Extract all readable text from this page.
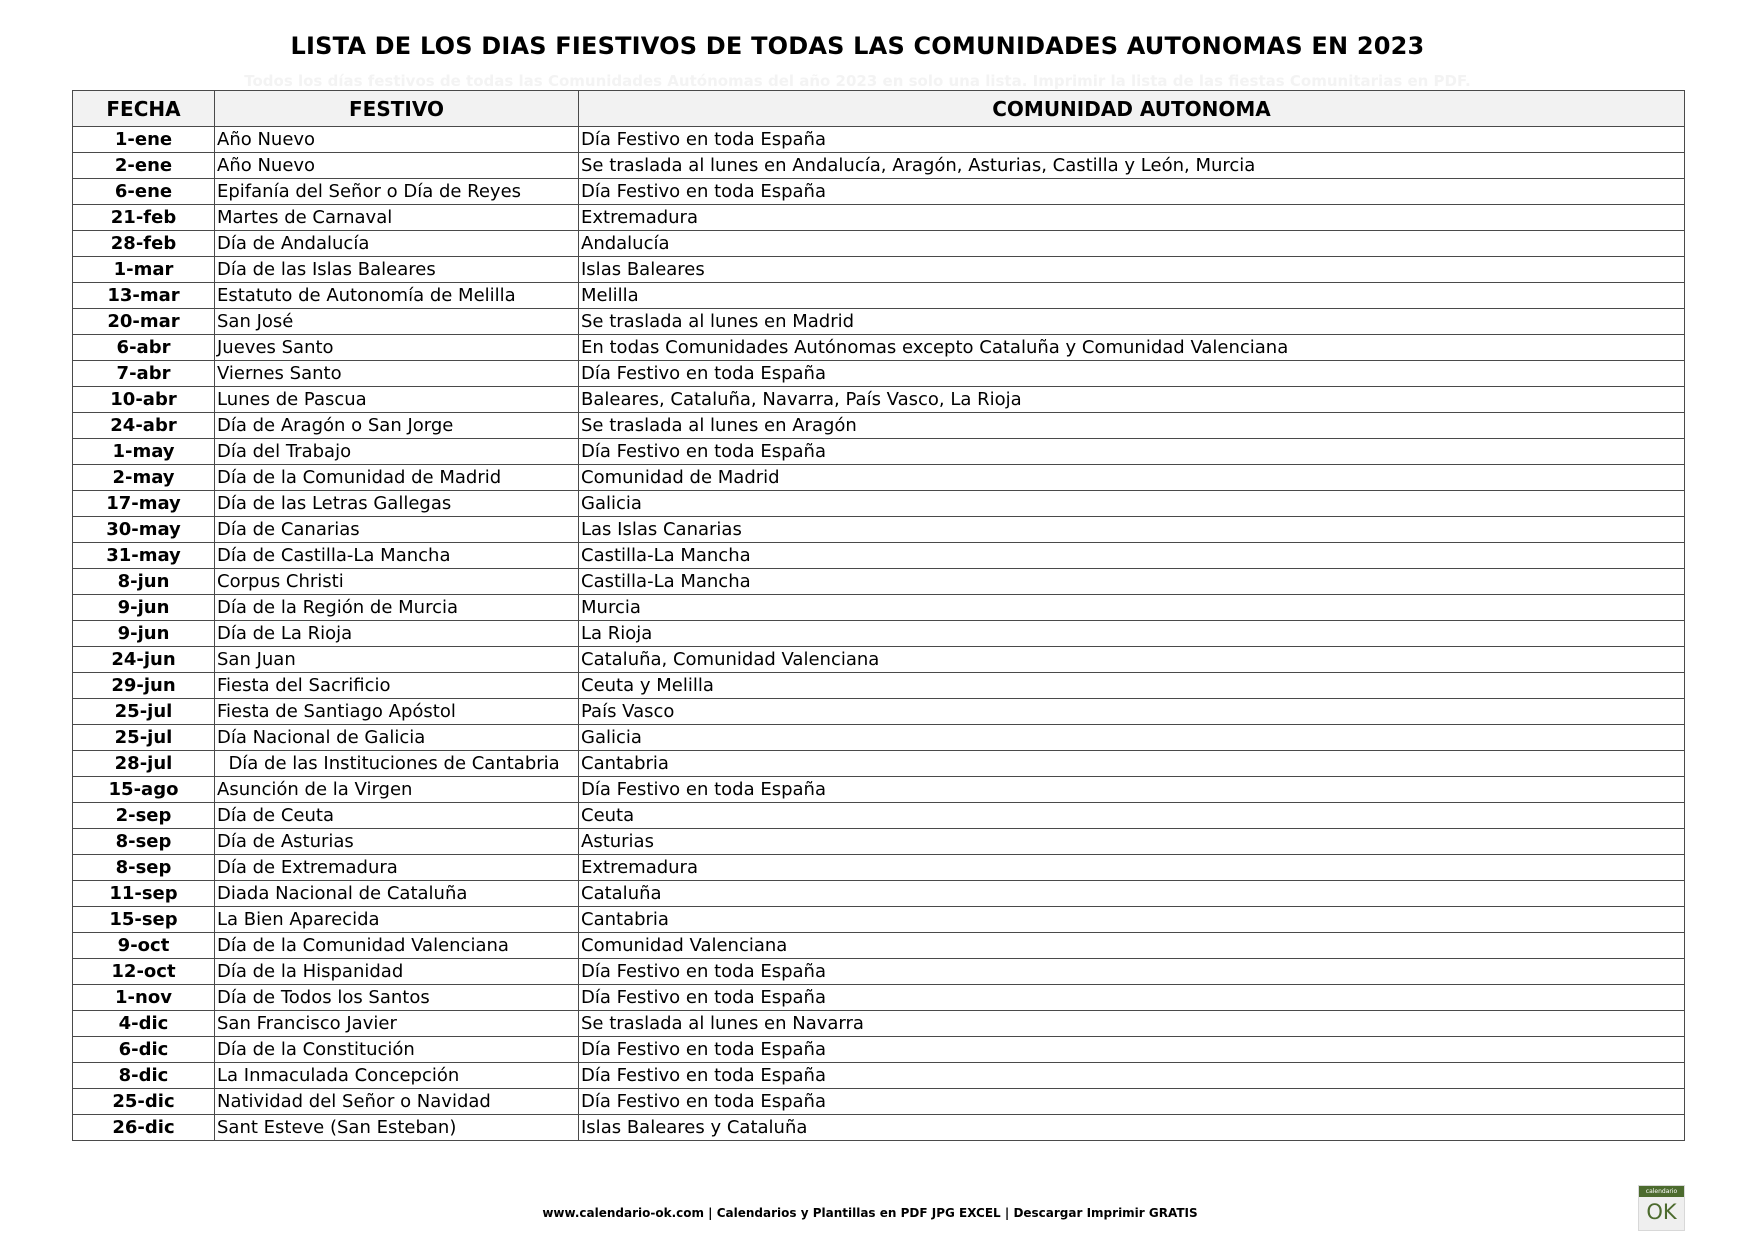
LISTA DE LOS DIAS FIESTIVOS DE TODAS LAS COMUNIDADES AUTONOMAS EN 2023
Todos los días festivos de todas las Comunidades Autónomas del año 2023 en solo una lista. Imprimir la lista de las fiestas Comunitarias en PDF.
FECHA	FESTIVO	COMUNIDAD AUTONOMA
1-ene	Año Nuevo	Día Festivo en toda España
2-ene	Año Nuevo	Se traslada al lunes en Andalucía, Aragón, Asturias, Castilla y León, Murcia
6-ene	Epifanía del Señor o Día de Reyes	Día Festivo en toda España
21-feb	Martes de Carnaval	Extremadura
28-feb	Día de Andalucía	Andalucía
1-mar	Día de las Islas Baleares	Islas Baleares
13-mar	Estatuto de Autonomía de Melilla	Melilla
20-mar	San José	Se traslada al lunes en Madrid
6-abr	Jueves Santo	En todas Comunidades Autónomas excepto Cataluña y Comunidad Valenciana
7-abr	Viernes Santo	Día Festivo en toda España
10-abr	Lunes de Pascua	Baleares, Cataluña, Navarra, País Vasco, La Rioja
24-abr	Día de Aragón o San Jorge	Se traslada al lunes en Aragón
1-may	Día del Trabajo	Día Festivo en toda España
2-may	Día de la Comunidad de Madrid	Comunidad de Madrid
17-may	Día de las Letras Gallegas	Galicia
30-may	Día de Canarias	Las Islas Canarias
31-may	Día de Castilla-La Mancha	Castilla-La Mancha
8-jun	Corpus Christi	Castilla-La Mancha
9-jun	Día de la Región de Murcia	Murcia
9-jun	Día de La Rioja	La Rioja
24-jun	San Juan	Cataluña, Comunidad Valenciana
29-jun	Fiesta del Sacrificio	Ceuta y Melilla
25-jul	Fiesta de Santiago Apóstol	País Vasco
25-jul	Día Nacional de Galicia	Galicia
28-jul	Día de las Instituciones de Cantabria	Cantabria
15-ago	Asunción de la Virgen	Día Festivo en toda España
2-sep	Día de Ceuta	Ceuta
8-sep	Día de Asturias	Asturias
8-sep	Día de Extremadura	Extremadura
11-sep	Diada Nacional de Cataluña	Cataluña
15-sep	La Bien Aparecida	Cantabria
9-oct	Día de la Comunidad Valenciana	Comunidad Valenciana
12-oct	Día de la Hispanidad	Día Festivo en toda España
1-nov	Día de Todos los Santos	Día Festivo en toda España
4-dic	San Francisco Javier	Se traslada al lunes en Navarra
6-dic	Día de la Constitución	Día Festivo en toda España
8-dic	La Inmaculada Concepción	Día Festivo en toda España
25-dic	Natividad del Señor o Navidad	Día Festivo en toda España
26-dic	Sant Esteve (San Esteban)	Islas Baleares y Cataluña
www.calendario-ok.com | Calendarios y Plantillas en PDF JPG EXCEL | Descargar Imprimir GRATIS
calendario
OK
